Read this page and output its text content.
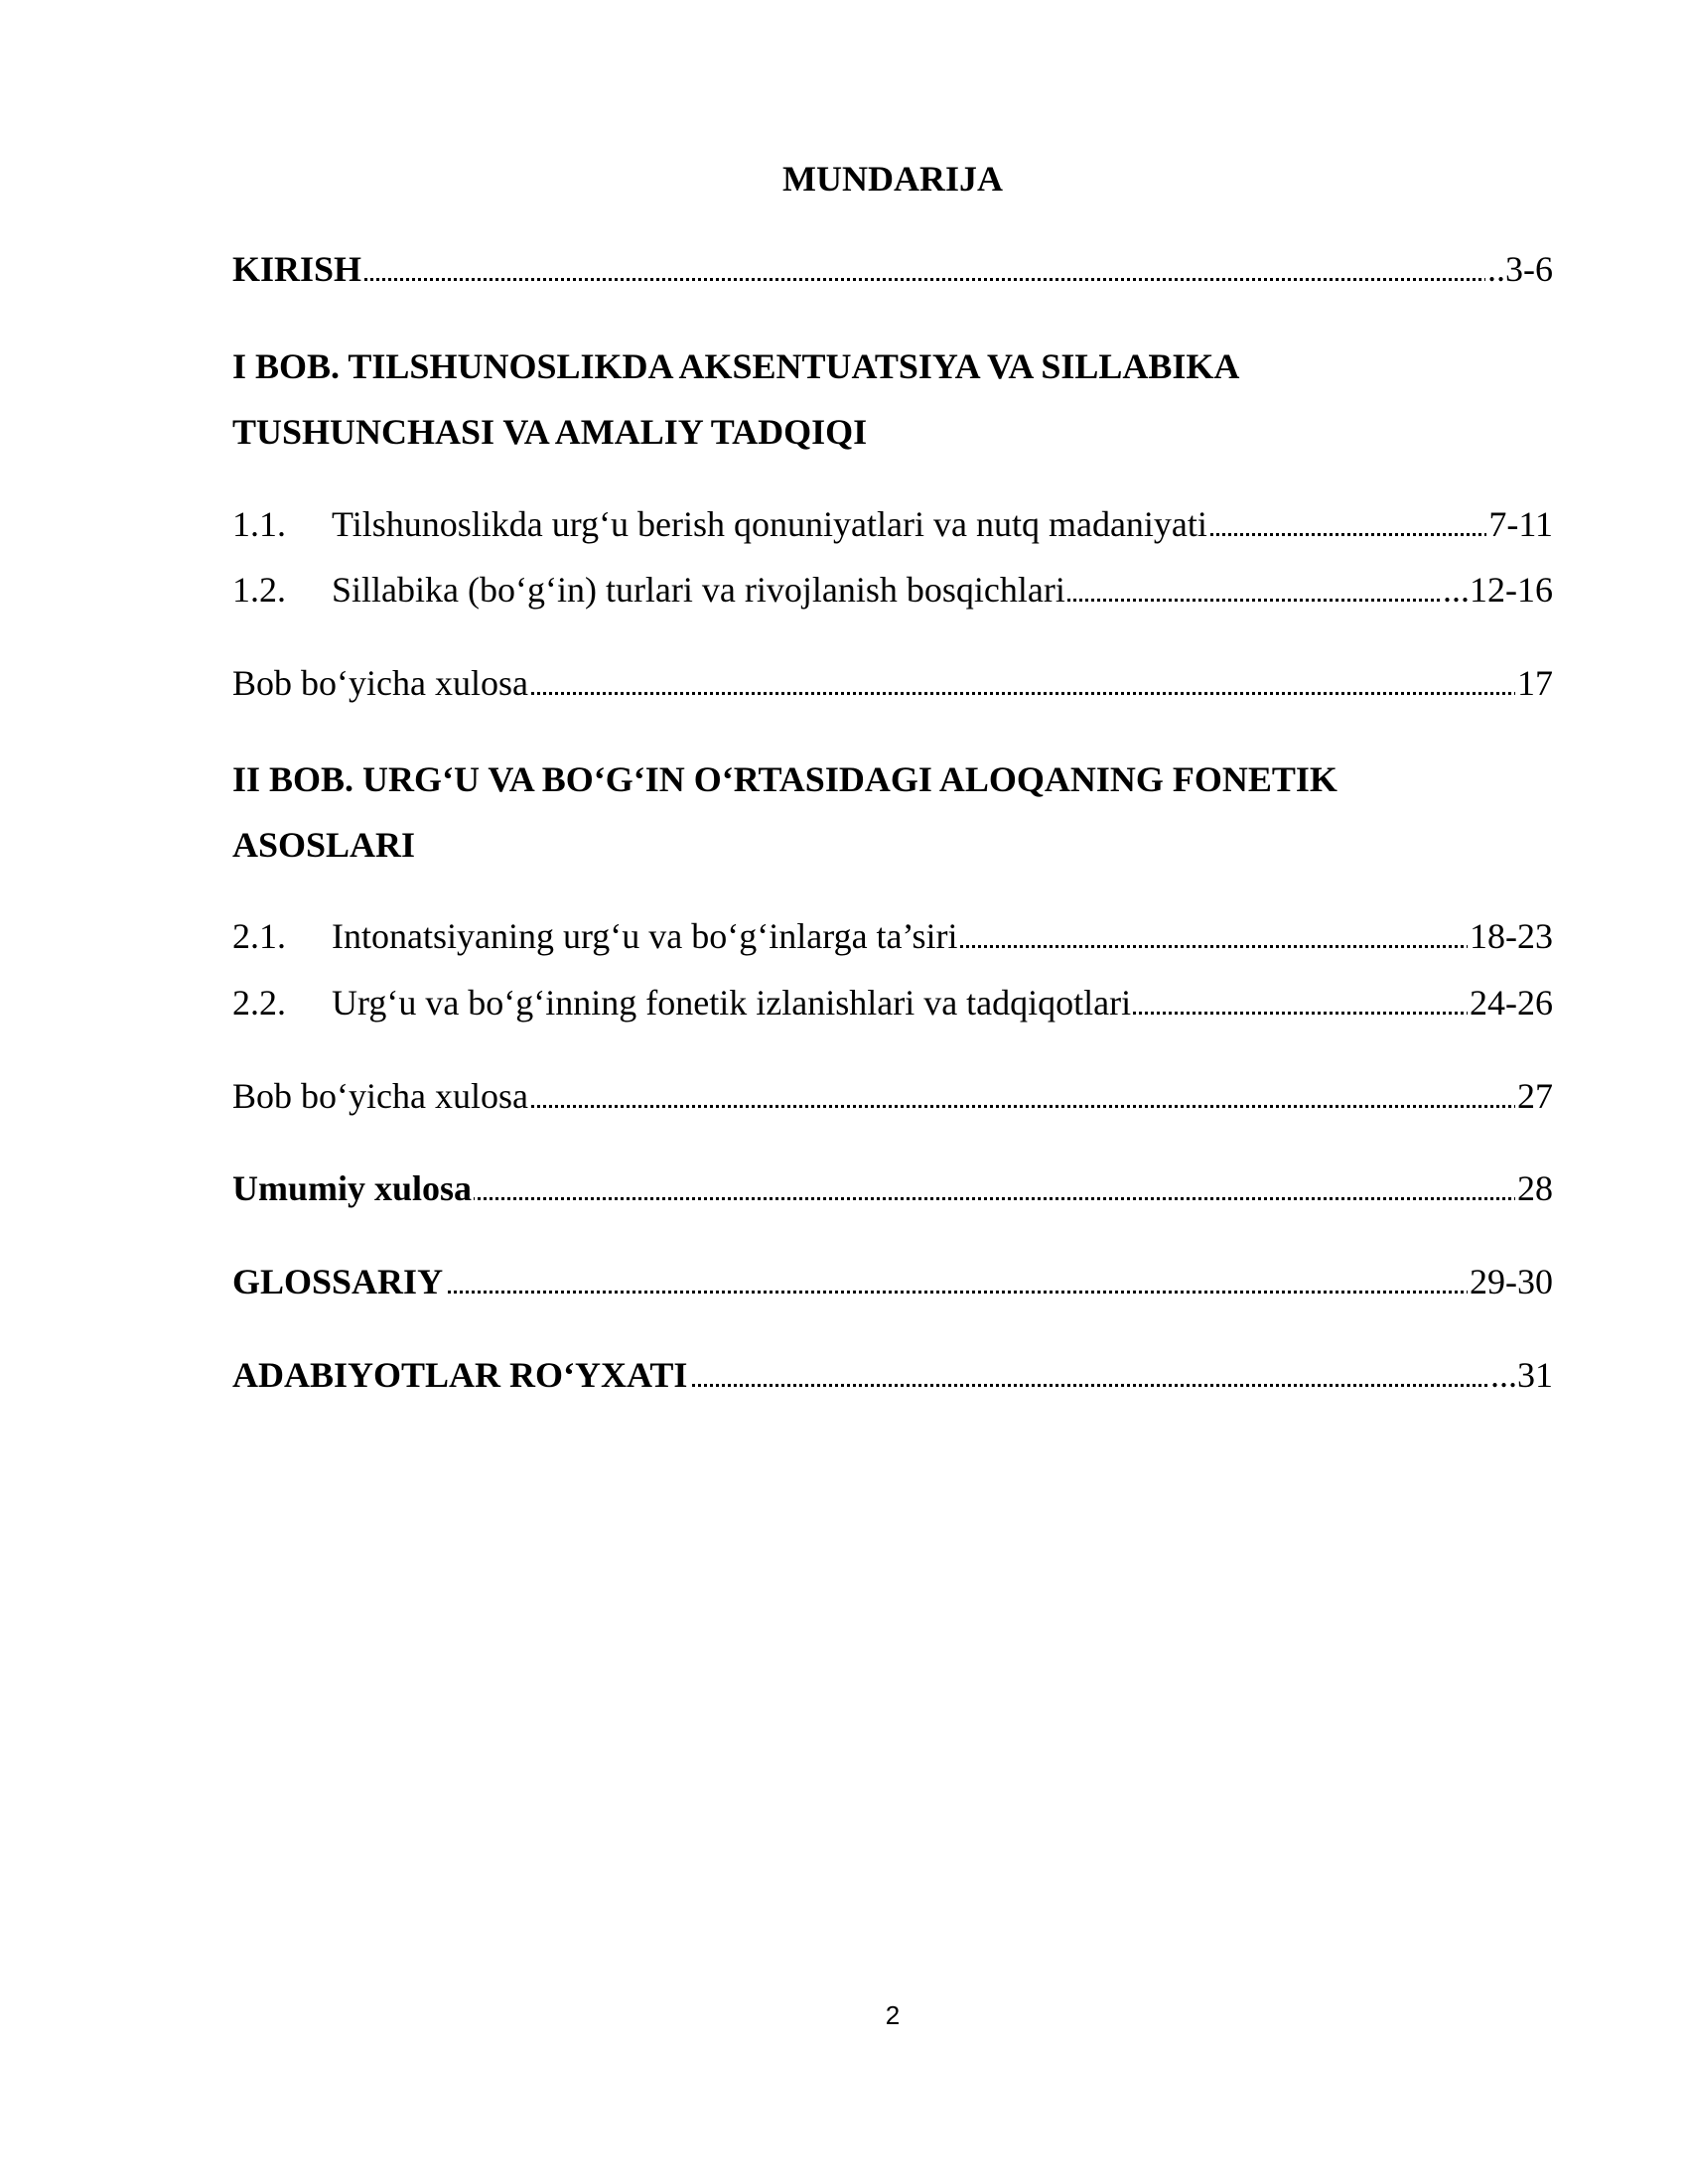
MUNDARIJA
KIRISH	..3-6
I BOB. TILSHUNOSLIKDA AKSENTUATSIYA VA SILLABIKA
TUSHUNCHASI VA AMALIY TADQIQI
1.1. Tilshunoslikda urg‘u berish qonuniyatlari va nutq madaniyati	7-11
1.2. Sillabika (bo‘g‘in) turlari va rivojlanish bosqichlari	...12-16
Bob bo‘yicha xulosa	17
II BOB. URG‘U VA BO‘G‘IN O‘RTASIDAGI ALOQANING FONETIK
ASOSLARI
2.1. Intonatsiyaning urg‘u va bo‘g‘inlarga ta’siri	18-23
2.2. Urg‘u va bo‘g‘inning fonetik izlanishlari va tadqiqotlari	24-26
Bob bo‘yicha xulosa	27
Umumiy xulosa	28
GLOSSARIY	29-30
ADABIYOTLAR RO‘YXATI	...31
2
